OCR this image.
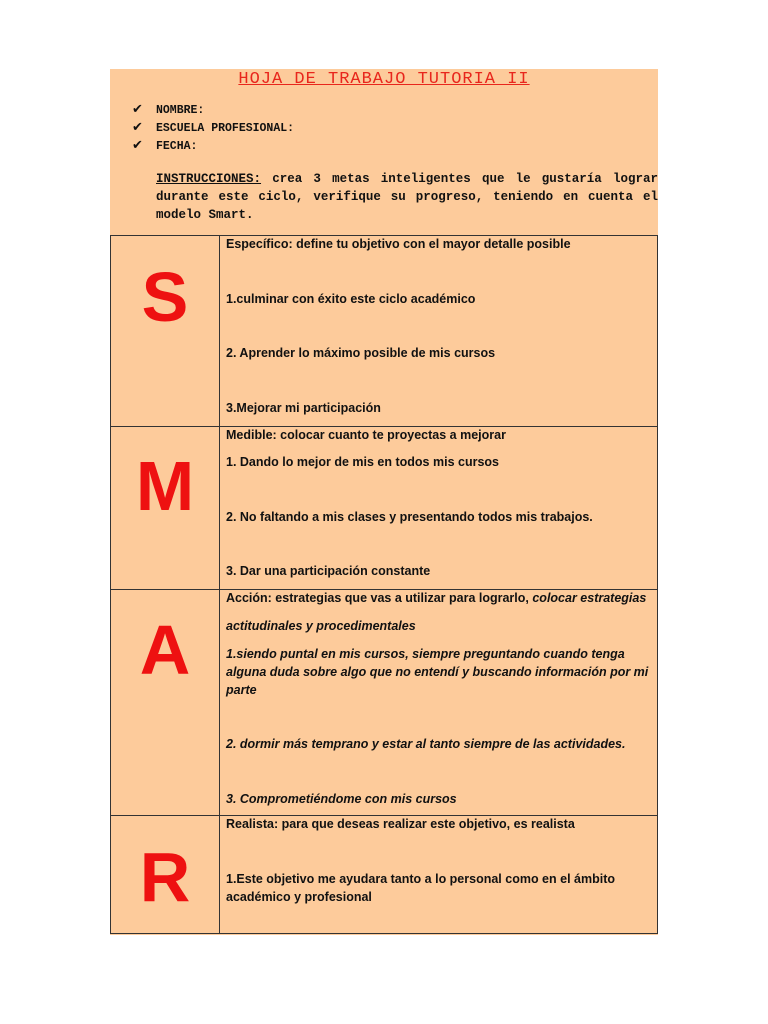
HOJA DE TRABAJO TUTORIA II
✔ NOMBRE:
✔ ESCUELA PROFESIONAL:
✔ FECHA:
INSTRUCCIONES: crea 3 metas inteligentes que le gustaría lograr durante este ciclo, verifique su progreso, teniendo en cuenta el modelo Smart.
S	Específico: define tu objetivo con el mayor detalle posible
1.culminar con éxito este ciclo académico
2. Aprender lo máximo posible de mis cursos
3.Mejorar mi participación

M	Medible: colocar cuanto te proyectas a mejorar
1. Dando lo mejor de mis en todos mis cursos
2. No faltando a mis clases y presentando todos mis trabajos.
3. Dar una participación constante

A	Acción: estrategias que vas a utilizar para lograrlo, colocar estrategias
actitudinales y procedimentales
1.siendo puntal en mis cursos, siempre preguntando cuando tenga alguna duda sobre algo que no entendí y buscando información por mi parte
2. dormir más temprano y estar al tanto siempre de las actividades.
3. Comprometiéndome con mis cursos

R	Realista: para que deseas realizar este objetivo, es realista
1.Este objetivo me ayudara tanto a lo personal como en el ámbito académico y profesional
